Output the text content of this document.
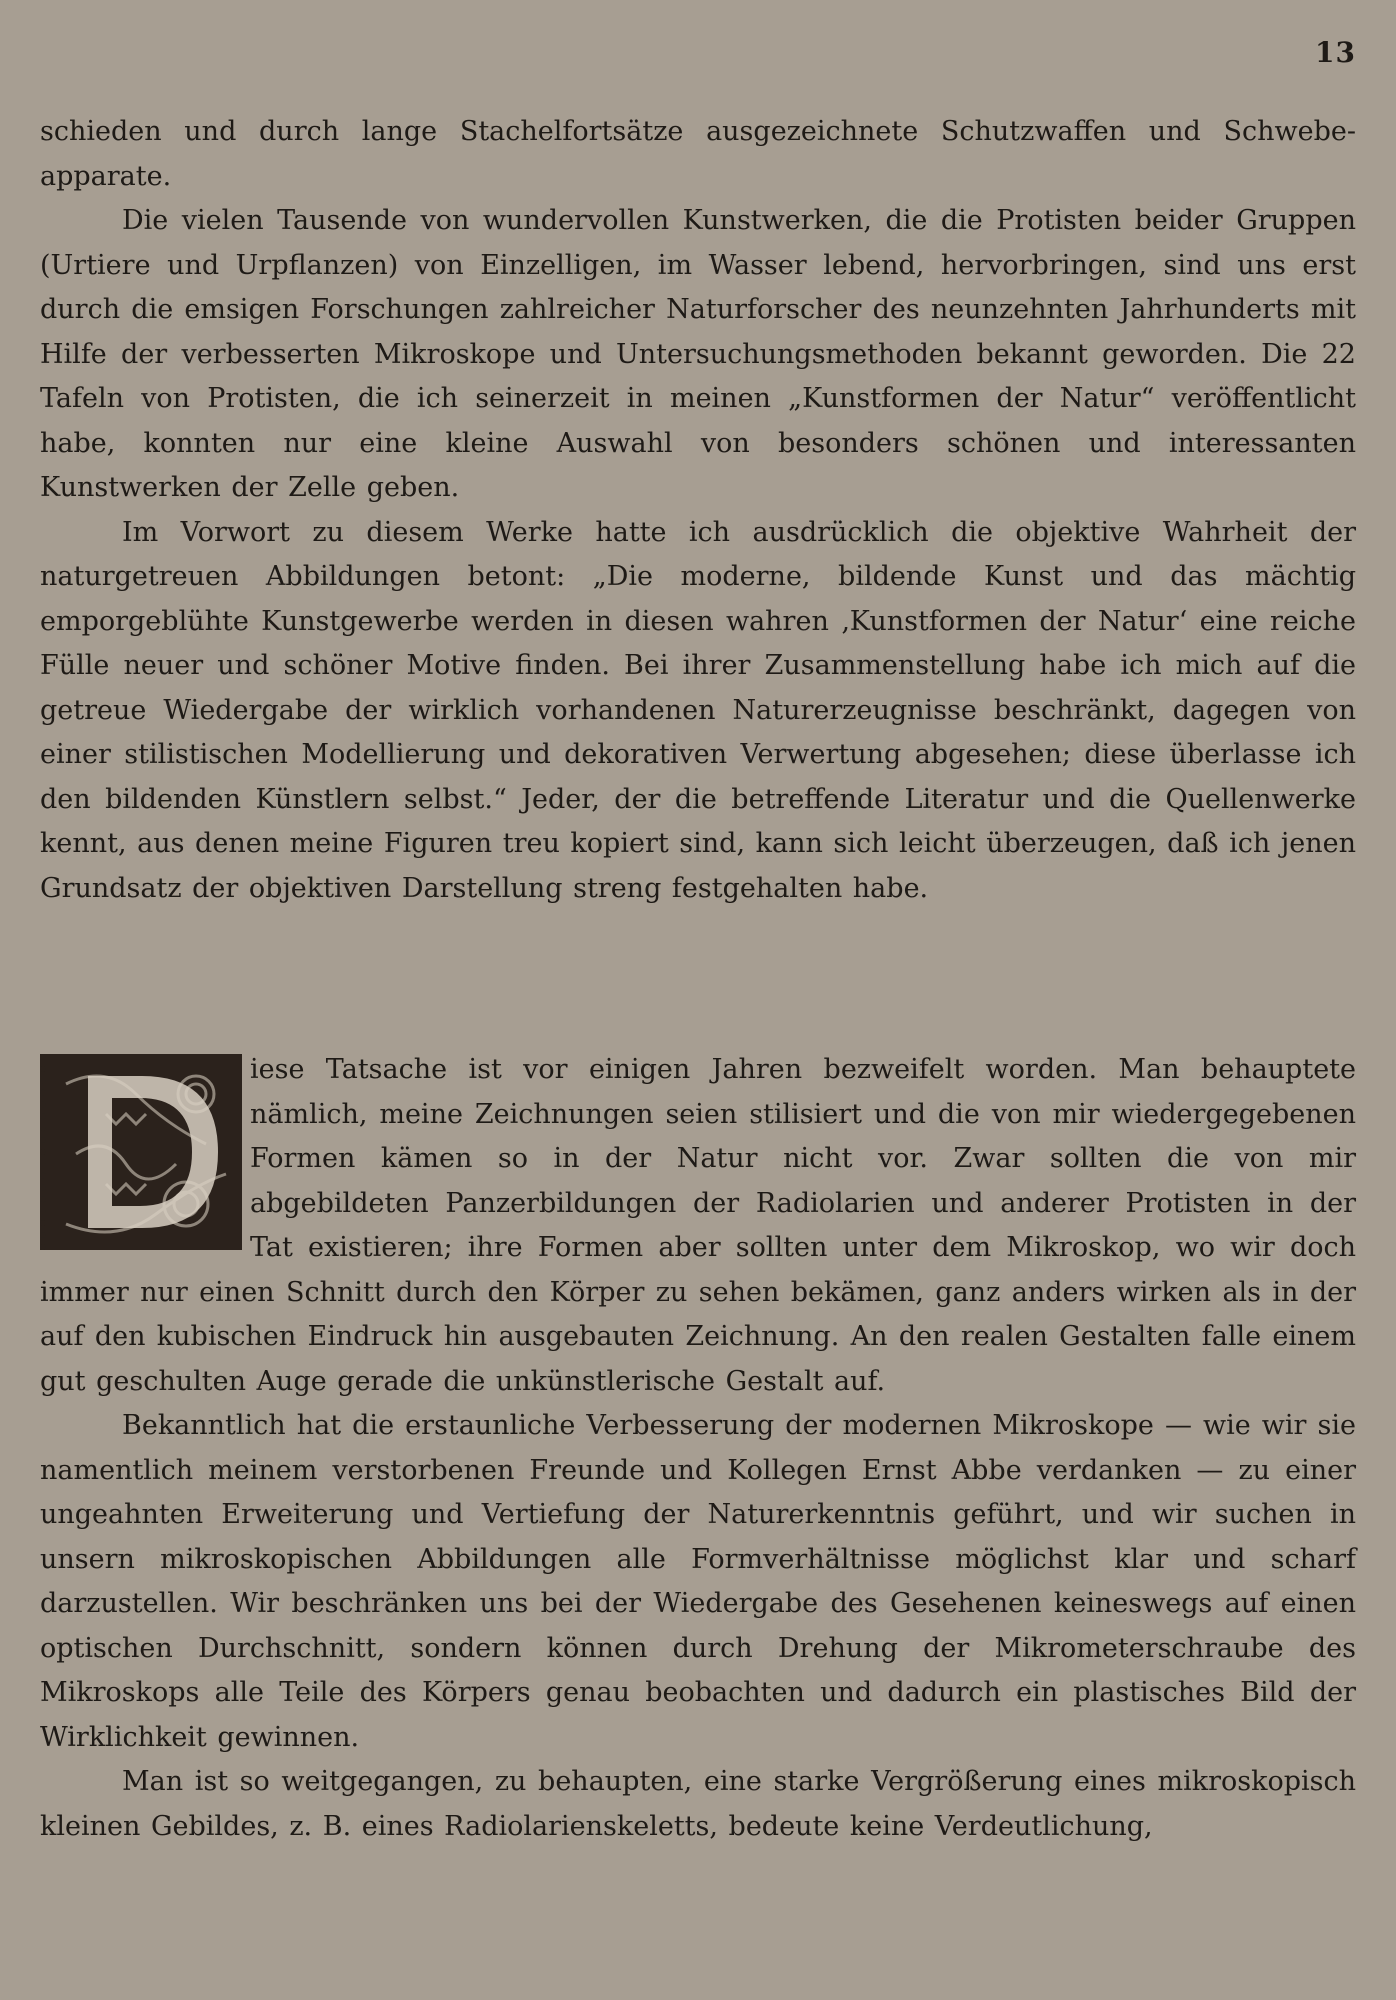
13

schieden und durch lange Stachelfortsätze ausgezeichnete Schutzwaffen und Schwebe-apparate.

Die vielen Tausende von wundervollen Kunstwerken, die die Protisten beider Gruppen (Urtiere und Urpflanzen) von Einzelligen, im Wasser lebend, hervorbringen, sind uns erst durch die emsigen Forschungen zahlreicher Naturforscher des neunzehnten Jahrhunderts mit Hilfe der verbesserten Mikroskope und Untersuchungsmethoden bekannt geworden. Die 22 Tafeln von Protisten, die ich seinerzeit in meinen „Kunstformen der Natur“ veröffentlicht habe, konnten nur eine kleine Auswahl von besonders schönen und interessanten Kunstwerken der Zelle geben.

Im Vorwort zu diesem Werke hatte ich ausdrücklich die objektive Wahrheit der naturgetreuen Abbildungen betont: „Die moderne, bildende Kunst und das mächtig emporgeblühte Kunstgewerbe werden in diesen wahren ‚Kunstformen der Natur‘ eine reiche Fülle neuer und schöner Motive finden. Bei ihrer Zusammenstellung habe ich mich auf die getreue Wiedergabe der wirklich vorhandenen Naturerzeugnisse beschränkt, dagegen von einer stilistischen Modellierung und dekorativen Verwertung abgesehen; diese überlasse ich den bildenden Künstlern selbst.“ Jeder, der die betreffende Literatur und die Quellenwerke kennt, aus denen meine Figuren treu kopiert sind, kann sich leicht überzeugen, daß ich jenen Grundsatz der objektiven Darstellung streng festgehalten habe.

iese Tatsache ist vor einigen Jahren bezweifelt worden. Man behauptete nämlich, meine Zeichnungen seien stilisiert und die von mir wiedergegebenen Formen kämen so in der Natur nicht vor. Zwar sollten die von mir abgebildeten Panzerbildungen der Radiolarien und anderer Protisten in der Tat existieren; ihre Formen aber sollten unter dem Mikroskop, wo wir doch immer nur einen Schnitt durch den Körper zu sehen bekämen, ganz anders wirken als in der auf den kubischen Eindruck hin ausgebauten Zeichnung. An den realen Gestalten falle einem gut geschulten Auge gerade die unkünstlerische Gestalt auf.

Bekanntlich hat die erstaunliche Verbesserung der modernen Mikroskope — wie wir sie namentlich meinem verstorbenen Freunde und Kollegen Ernst Abbe verdanken — zu einer ungeahnten Erweiterung und Vertiefung der Naturerkenntnis geführt, und wir suchen in unsern mikroskopischen Abbildungen alle Formverhältnisse möglichst klar und scharf darzustellen. Wir beschränken uns bei der Wiedergabe des Gesehenen keineswegs auf einen optischen Durchschnitt, sondern können durch Drehung der Mikrometerschraube des Mikroskops alle Teile des Körpers genau beobachten und dadurch ein plastisches Bild der Wirklichkeit gewinnen.

Man ist so weitgegangen, zu behaupten, eine starke Vergrößerung eines mikroskopisch kleinen Gebildes, z. B. eines Radiolarienskeletts, bedeute keine Verdeutlichung,
